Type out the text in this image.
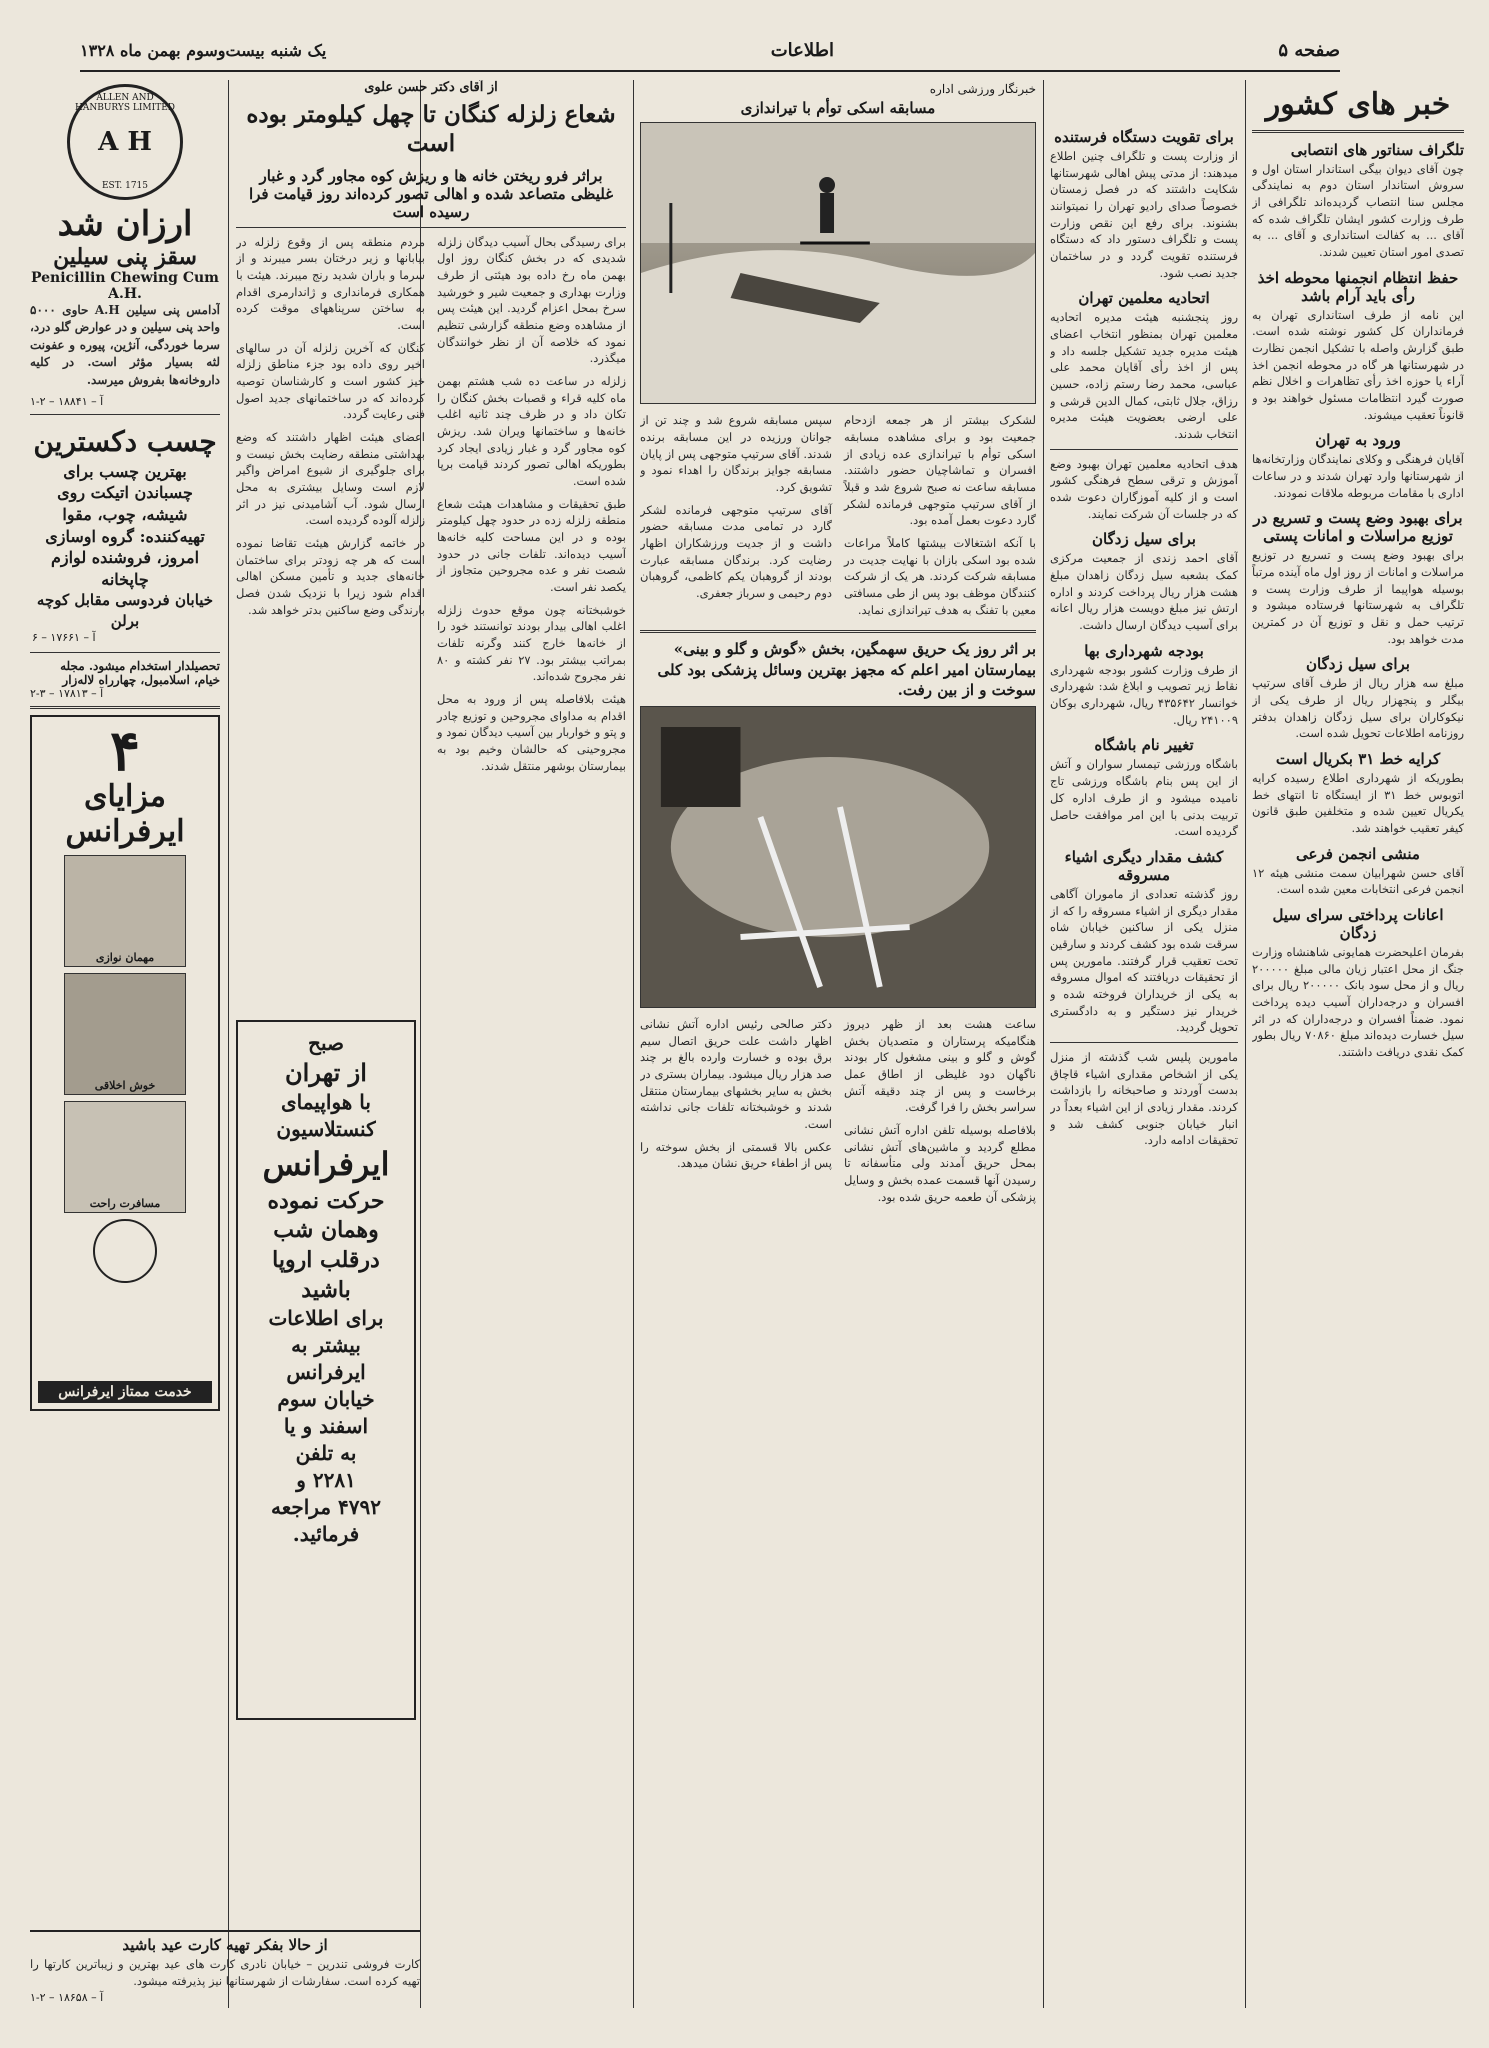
صفحه ۵
اطلاعات
یک شنبه بیست‌وسوم بهمن ماه ۱۳۲۸
خبر های کشور
تلگراف سناتور های انتصابی

چون آقای دیوان بیگی استاندار استان اول و سروش استاندار استان دوم به نمایندگی مجلس سنا انتصاب گردیده‌اند تلگرافی از طرف وزارت کشور ایشان تلگراف شده که آقای ... به کفالت استانداری و آقای ... به تصدی امور استان تعیین شدند.

حفظ انتظام انجمنها محوطه اخذ رأی باید آرام باشد

این نامه از طرف استانداری تهران به فرمانداران کل کشور نوشته شده است. طبق گزارش واصله با تشکیل انجمن نظارت در شهرستانها هر گاه در محوطه انجمن اخذ آراء یا حوزه اخذ رأی تظاهرات و اخلال نظم صورت گیرد انتظامات مسئول خواهند بود و قانوناً تعقیب میشوند.

ورود به تهران

آقایان فرهنگی و وکلای نمایندگان وزارتخانه‌ها از شهرستانها وارد تهران شدند و در ساعات اداری با مقامات مربوطه ملاقات نمودند.

برای بهبود وضع پست و تسریع در توزیع مراسلات و امانات پستی

برای بهبود وضع پست و تسریع در توزیع مراسلات و امانات از روز اول ماه آینده مرتباً بوسیله هواپیما از طرف وزارت پست و تلگراف به شهرستانها فرستاده میشود و ترتیب حمل و نقل و توزیع آن در کمترین مدت خواهد بود.

برای سیل زدگان

مبلغ سه هزار ریال از طرف آقای سرتیپ بیگلر و پنجهزار ریال از طرف یکی از نیکوکاران برای سیل زدگان زاهدان بدفتر روزنامه اطلاعات تحویل شده است.

کرایه خط ۳۱ بکریال است

بطوریکه از شهرداری اطلاع رسیده کرایه اتوبوس خط ۳۱ از ایستگاه تا انتهای خط یکریال تعیین شده و متخلفین طبق قانون کیفر تعقیب خواهند شد.

منشی انجمن فرعی

آقای حسن شهرابیان سمت منشی هیئه ۱۲ انجمن فرعی انتخابات معین شده است.

اعانات پرداختی سرای سیل زدگان

بفرمان اعلیحضرت همایونی شاهنشاه وزارت جنگ از محل اعتبار زیان مالی مبلغ ۲۰۰۰۰۰ ریال و از محل سود بانک ۲۰۰۰۰۰ ریال برای افسران و درجه‌داران آسیب دیده پرداخت نمود. ضمناً افسران و درجه‌داران که در اثر سیل خسارت دیده‌اند مبلغ ۷۰۸۶۰ ریال بطور کمک نقدی دریافت داشتند.

برای تقویت دستگاه فرستنده

از وزارت پست و تلگراف چنین اطلاع میدهند: از مدتی پیش اهالی شهرستانها شکایت داشتند که در فصل زمستان خصوصاً صدای رادیو تهران را نمیتوانند بشنوند. برای رفع این نقص وزارت پست و تلگراف دستور داد که دستگاه فرستنده تقویت گردد و در ساختمان جدید نصب شود.

اتحادیه معلمین تهران

روز پنجشنبه هیئت مدیره اتحادیه معلمین تهران بمنظور انتخاب اعضای هیئت مدیره جدید تشکیل جلسه داد و پس از اخذ رأی آقایان محمد علی عباسی، محمد رضا رستم زاده، حسین رزاق، جلال ثابتی، کمال الدین قرشی و علی ارضی بعضویت هیئت مدیره انتخاب شدند.

هدف اتحادیه معلمین تهران بهبود وضع آموزش و ترقی سطح فرهنگی کشور است و از کلیه آموزگاران دعوت شده که در جلسات آن شرکت نمایند.

برای سیل زدگان

آقای احمد زندی از جمعیت مرکزی کمک بشعبه سیل زدگان زاهدان مبلغ هشت هزار ریال پرداخت کردند و اداره ارتش نیز مبلغ دویست هزار ریال اعانه برای آسیب دیدگان ارسال داشت.

بودجه شهرداری بها

از طرف وزارت کشور بودجه شهرداری نقاط زیر تصویب و ابلاغ شد: شهرداری خوانسار ۴۳۵۶۴۲ ریال، شهرداری بوکان ۲۴۱۰۰۹ ریال.

تغییر نام باشگاه

باشگاه ورزشی تیمسار سواران و آتش از این پس بنام باشگاه ورزشی تاج نامیده میشود و از طرف اداره کل تربیت بدنی با این امر موافقت حاصل گردیده است.

کشف مقدار دیگری اشیاء مسروقه

روز گذشته تعدادی از ماموران آگاهی مقدار دیگری از اشیاء مسروقه را که از منزل یکی از ساکنین خیابان شاه سرقت شده بود کشف کردند و سارقین تحت تعقیب قرار گرفتند. مامورین پس از تحقیقات دریافتند که اموال مسروقه به یکی از خریداران فروخته شده و خریدار نیز دستگیر و به دادگستری تحویل گردید.

مامورین پلیس شب گذشته از منزل یکی از اشخاص مقداری اشیاء قاچاق بدست آوردند و صاحبخانه را بازداشت کردند. مقدار زیادی از این اشیاء بعداً در انبار خیابان جنوبی کشف شد و تحقیقات ادامه دارد.

خبرنگار ورزشی اداره
مسابقه اسکی توأم با تیراندازی

لشکرک بیشتر از هر جمعه ازدحام جمعیت بود و برای مشاهده مسابقه اسکی توأم با تیراندازی عده زیادی از افسران و تماشاچیان حضور داشتند. مسابقه ساعت نه صبح شروع شد و قبلاً از آقای سرتیپ متوجهی فرمانده لشکر گارد دعوت بعمل آمده بود.

با آنکه اشتغالات بیشتها کاملاً مراعات شده بود اسکی بازان با نهایت جدیت در مسابقه شرکت کردند. هر یک از شرکت کنندگان موظف بود پس از طی مسافتی معین با تفنگ به هدف تیراندازی نماید.

سپس مسابقه شروع شد و چند تن از جوانان ورزیده در این مسابقه برنده شدند. آقای سرتیپ متوجهی پس از پایان مسابقه جوایز برندگان را اهداء نمود و تشویق کرد.

آقای سرتیپ متوجهی فرمانده لشکر گارد در تمامی مدت مسابقه حضور داشت و از جدیت ورزشکاران اظهار رضایت کرد. برندگان مسابقه عبارت بودند از گروهبان یکم کاظمی، گروهبان دوم رحیمی و سرباز جعفری.

بر اثر روز یک حریق سهمگین، بخش «گوش و گلو و بینی» بیمارستان امیر اعلم که مجهز بهترین وسائل پزشکی بود کلی سوخت و از بین رفت.

ساعت هشت بعد از ظهر دیروز هنگامیکه پرستاران و متصدیان بخش گوش و گلو و بینی مشغول کار بودند ناگهان دود غلیظی از اطاق عمل برخاست و پس از چند دقیقه آتش سراسر بخش را فرا گرفت.

بلافاصله بوسیله تلفن اداره آتش نشانی مطلع گردید و ماشین‌های آتش نشانی بمحل حریق آمدند ولی متأسفانه تا رسیدن آنها قسمت عمده بخش و وسایل پزشکی آن طعمه حریق شده بود.

دکتر صالحی رئیس اداره آتش نشانی اظهار داشت علت حریق اتصال سیم برق بوده و خسارت وارده بالغ بر چند صد هزار ریال میشود. بیماران بستری در بخش به سایر بخشهای بیمارستان منتقل شدند و خوشبختانه تلفات جانی نداشته است.

عکس بالا قسمتی از بخش سوخته را پس از اطفاء حریق نشان میدهد.

از آقای دکتر حسن علوی
شعاع زلزله کنگان تا چهل کیلومتر بوده است
براثر فرو ریختن خانه ها و ریزش کوه مجاور گرد و غبار غلیظی متصاعد شده و اهالی تصور کرده‌اند روز قیامت فرا رسیده است

برای رسیدگی بحال آسیب دیدگان زلزله شدیدی که در بخش کنگان روز اول بهمن ماه رخ داده بود هیئتی از طرف وزارت بهداری و جمعیت شیر و خورشید سرخ بمحل اعزام گردید. این هیئت پس از مشاهده وضع منطقه گزارشی تنظیم نمود که خلاصه آن از نظر خوانندگان میگذرد.

زلزله در ساعت ده شب هشتم بهمن ماه کلیه قراء و قصبات بخش کنگان را تکان داد و در ظرف چند ثانیه اغلب خانه‌ها و ساختمانها ویران شد. ریزش کوه مجاور گرد و غبار زیادی ایجاد کرد بطوریکه اهالی تصور کردند قیامت برپا شده است.

طبق تحقیقات و مشاهدات هیئت شعاع منطقه زلزله زده در حدود چهل کیلومتر بوده و در این مساحت کلیه خانه‌ها آسیب دیده‌اند. تلفات جانی در حدود شصت نفر و عده مجروحین متجاوز از یکصد نفر است.

خوشبختانه چون موقع حدوث زلزله اغلب اهالی بیدار بودند توانستند خود را از خانه‌ها خارج کنند وگرنه تلفات بمراتب بیشتر بود. ۲۷ نفر کشته و ۸۰ نفر مجروح شده‌اند.

هیئت بلافاصله پس از ورود به محل اقدام به مداوای مجروحین و توزیع چادر و پتو و خواربار بین آسیب دیدگان نمود و مجروحینی که حالشان وخیم بود به بیمارستان بوشهر منتقل شدند.

مردم منطقه پس از وقوع زلزله در بیابانها و زیر درختان بسر میبرند و از سرما و باران شدید رنج میبرند. هیئت با همکاری فرمانداری و ژاندارمری اقدام به ساختن سرپناههای موقت کرده است.

کنگان که آخرین زلزله آن در سالهای اخیر روی داده بود جزء مناطق زلزله خیز کشور است و کارشناسان توصیه کرده‌اند که در ساختمانهای جدید اصول فنی رعایت گردد.

اعضای هیئت اظهار داشتند که وضع بهداشتی منطقه رضایت بخش نیست و برای جلوگیری از شیوع امراض واگیر لازم است وسایل بیشتری به محل ارسال شود. آب آشامیدنی نیز در اثر زلزله آلوده گردیده است.

در خاتمه گزارش هیئت تقاضا نموده است که هر چه زودتر برای ساختمان خانه‌های جدید و تأمین مسکن اهالی اقدام شود زیرا با نزدیک شدن فصل بارندگی وضع ساکنین بدتر خواهد شد.

ALLEN AND HANBURYS LIMITED
A H
EST. 1715
ارزان شد
سقز پنی سیلین
Penicillin Chewing Cum A.H.

آدامس پنی سیلین A.H حاوی ۵۰۰۰ واحد پنی سیلین و در عوارض گلو درد، سرما خوردگی، آنژین، پیوره و عفونت لثه بسیار مؤثر است. در کلیه داروخانه‌ها بفروش میرسد.

آ – ۱۸۸۴۱ – ۲-۱
چسب دکسترین
بهترین چسب برای چسباندن اتیکت روی شیشه، چوب، مقوا
تهیه‌کننده: گروه اوسازی امروز، فروشنده لوازم چاپخانه
خیابان فردوسی مقابل کوچه برلن
آ – ۱۷۶۶۱ – ۶
تحصیلدار استخدام میشود. مجله خیام، اسلامبول، چهارراه لاله‌زار
آ – ۱۷۸۱۳ – ۳-۲
۴
مزایای ایرفرانس
مهمان نوازی
خوش اخلاقی
مسافرت راحت
خدمت ممتاز ایرفرانس
صبح
از تهران
با هواپیمای
کنستلاسیون
ایرفرانس
حرکت نموده
وهمان شب
درقلب اروپا
باشید
برای اطلاعات
بیشتر به
ایرفرانس
خیابان سوم
اسفند و یا
به تلفن
۲۲۸۱ و
۴۷۹۲ مراجعه
فرمائید.
از حالا بفکر تهیه کارت عید باشید

کارت فروشی تندرین – خیابان نادری کارت های عید بهترین و زیباترین کارتها را تهیه کرده است. سفارشات از شهرستانها نیز پذیرفته میشود.

آ – ۱۸۶۵۸ – ۲-۱
